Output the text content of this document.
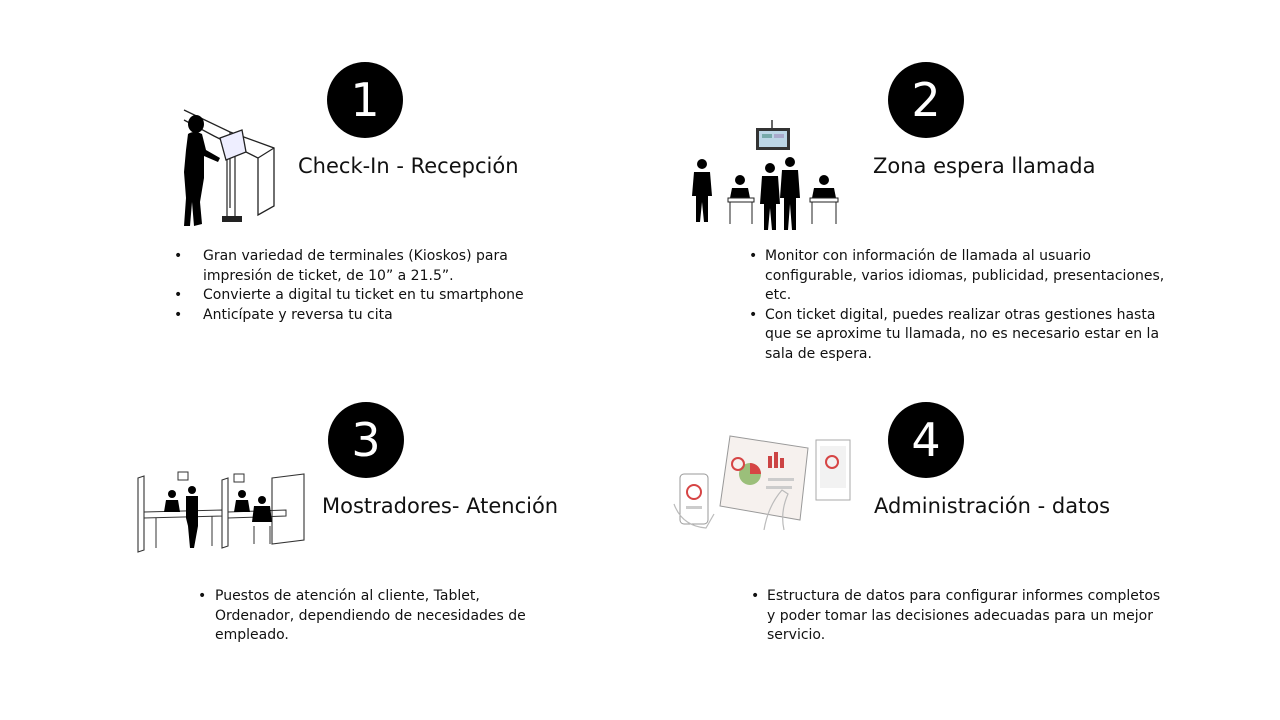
1
Check-In - Recepción
• Gran variedad de terminales (Kioskos) para impresión de ticket, de 10” a 21.5”.
• Convierte a digital tu ticket en tu smartphone
• Anticípate y reversa tu cita
2
Zona espera llamada
• Monitor con información de llamada al usuario configurable, varios idiomas, publicidad, presentaciones, etc.
• Con ticket digital, puedes realizar otras gestiones hasta que se aproxime tu llamada, no es necesario estar en la sala de espera.
3
Mostradores- Atención
• Puestos de atención al cliente, Tablet, Ordenador, dependiendo de necesidades de empleado.
4
Administración - datos
• Estructura de datos para configurar informes completos y poder tomar las decisiones adecuadas para un mejor servicio.
